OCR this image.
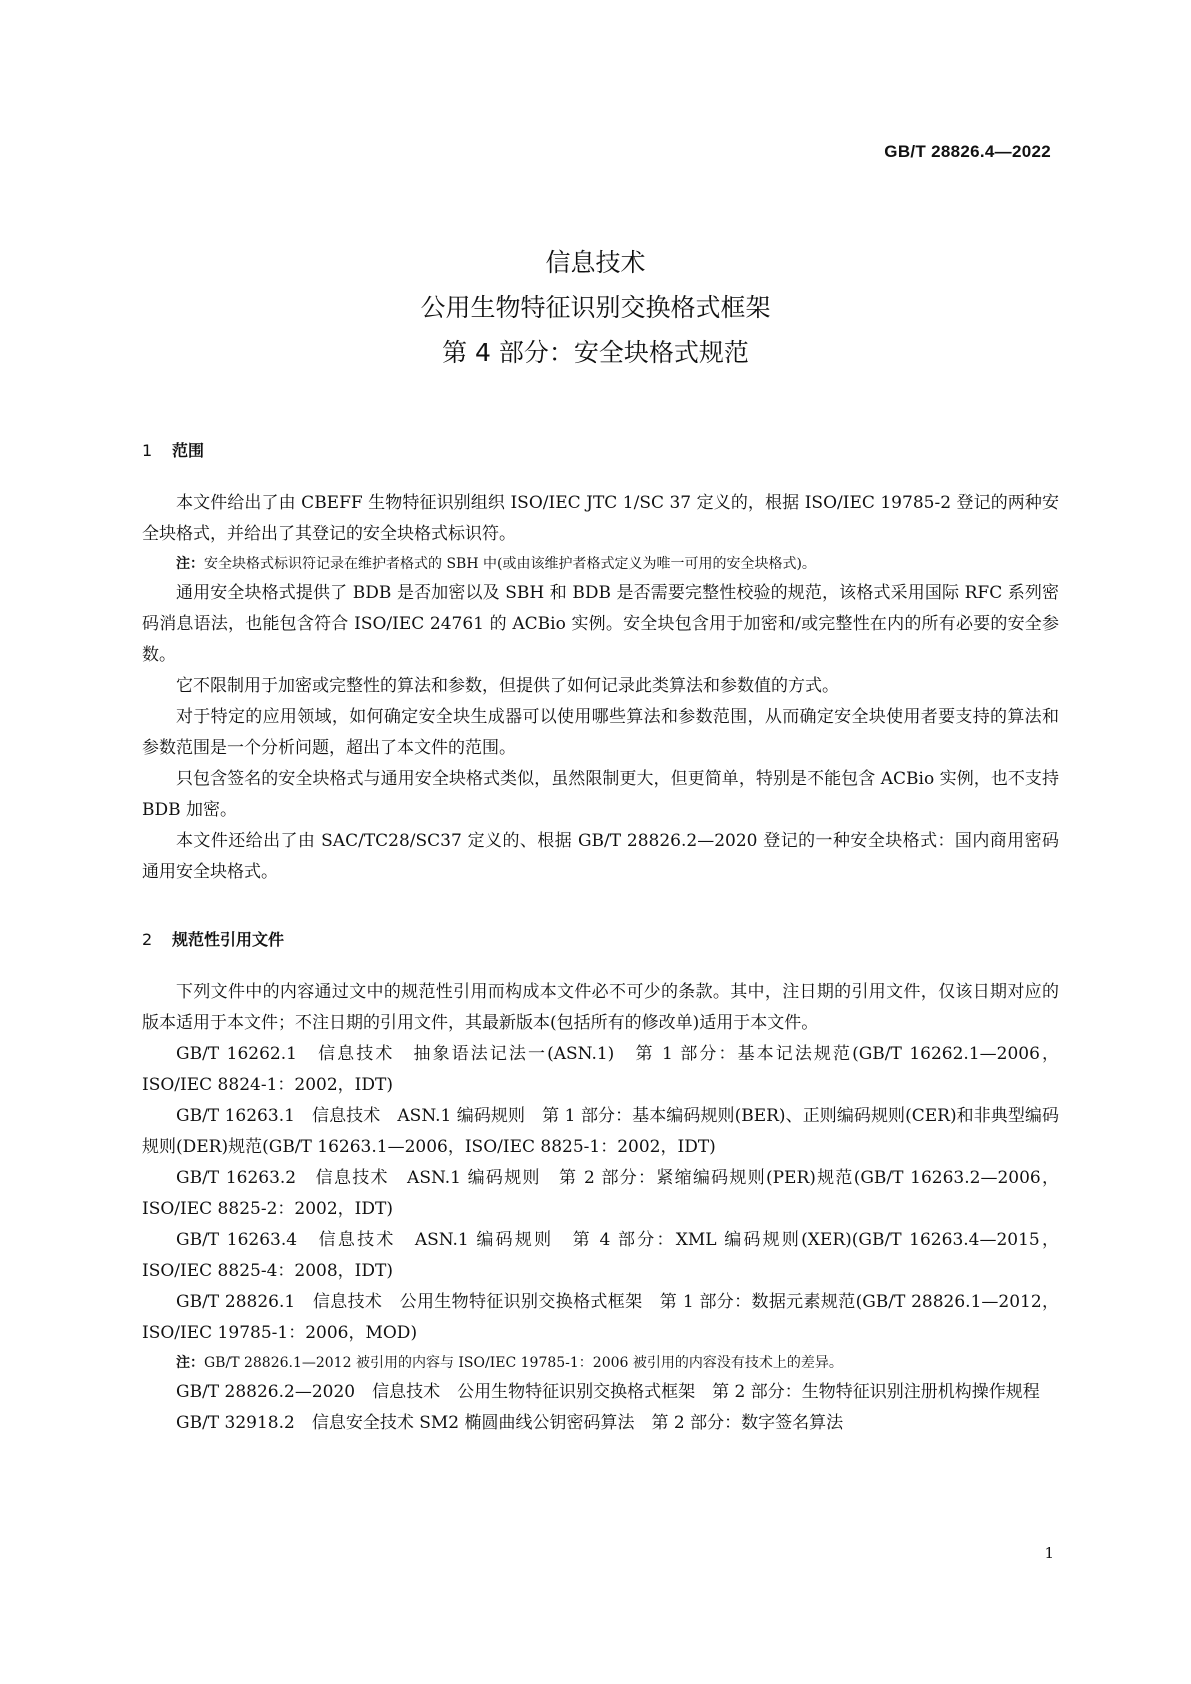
GB/T 28826.4—2022
信息技术
公用生物特征识别交换格式框架
第 4 部分：安全块格式规范
1 范围

本文件给出了由 CBEFF 生物特征识别组织 ISO/IEC JTC 1/SC 37 定义的，根据 ISO/IEC 19785-2 登记的两种安全块格式，并给出了其登记的安全块格式标识符。

注：安全块格式标识符记录在维护者格式的 SBH 中(或由该维护者格式定义为唯一可用的安全块格式)。

通用安全块格式提供了 BDB 是否加密以及 SBH 和 BDB 是否需要完整性校验的规范，该格式采用国际 RFC 系列密码消息语法，也能包含符合 ISO/IEC 24761 的 ACBio 实例。安全块包含用于加密和/或完整性在内的所有必要的安全参数。

它不限制用于加密或完整性的算法和参数，但提供了如何记录此类算法和参数值的方式。

对于特定的应用领域，如何确定安全块生成器可以使用哪些算法和参数范围，从而确定安全块使用者要支持的算法和参数范围是一个分析问题，超出了本文件的范围。

只包含签名的安全块格式与通用安全块格式类似，虽然限制更大，但更简单，特别是不能包含 ACBio 实例，也不支持 BDB 加密。

本文件还给出了由 SAC/TC28/SC37 定义的、根据 GB/T 28826.2—2020 登记的一种安全块格式：国内商用密码通用安全块格式。

2 规范性引用文件

下列文件中的内容通过文中的规范性引用而构成本文件必不可少的条款。其中，注日期的引用文件，仅该日期对应的版本适用于本文件；不注日期的引用文件，其最新版本(包括所有的修改单)适用于本文件。

GB/T 16262.1　信息技术　抽象语法记法一(ASN.1)　第 1 部分：基本记法规范(GB/T 16262.1—2006，ISO/IEC 8824-1：2002，IDT)

GB/T 16263.1　信息技术　ASN.1 编码规则　第 1 部分：基本编码规则(BER)、正则编码规则(CER)和非典型编码规则(DER)规范(GB/T 16263.1—2006，ISO/IEC 8825-1：2002，IDT)

GB/T 16263.2　信息技术　ASN.1 编码规则　第 2 部分：紧缩编码规则(PER)规范(GB/T 16263.2—2006，ISO/IEC 8825-2：2002，IDT)

GB/T 16263.4　信息技术　ASN.1 编码规则　第 4 部分：XML 编码规则(XER)(GB/T 16263.4—2015，ISO/IEC 8825-4：2008，IDT)

GB/T 28826.1　信息技术　公用生物特征识别交换格式框架　第 1 部分：数据元素规范(GB/T 28826.1—2012，ISO/IEC 19785-1：2006，MOD)

注：GB/T 28826.1—2012 被引用的内容与 ISO/IEC 19785-1：2006 被引用的内容没有技术上的差异。

GB/T 28826.2—2020　信息技术　公用生物特征识别交换格式框架　第 2 部分：生物特征识别注册机构操作规程

GB/T 32918.2　信息安全技术 SM2 椭圆曲线公钥密码算法　第 2 部分：数字签名算法

1
